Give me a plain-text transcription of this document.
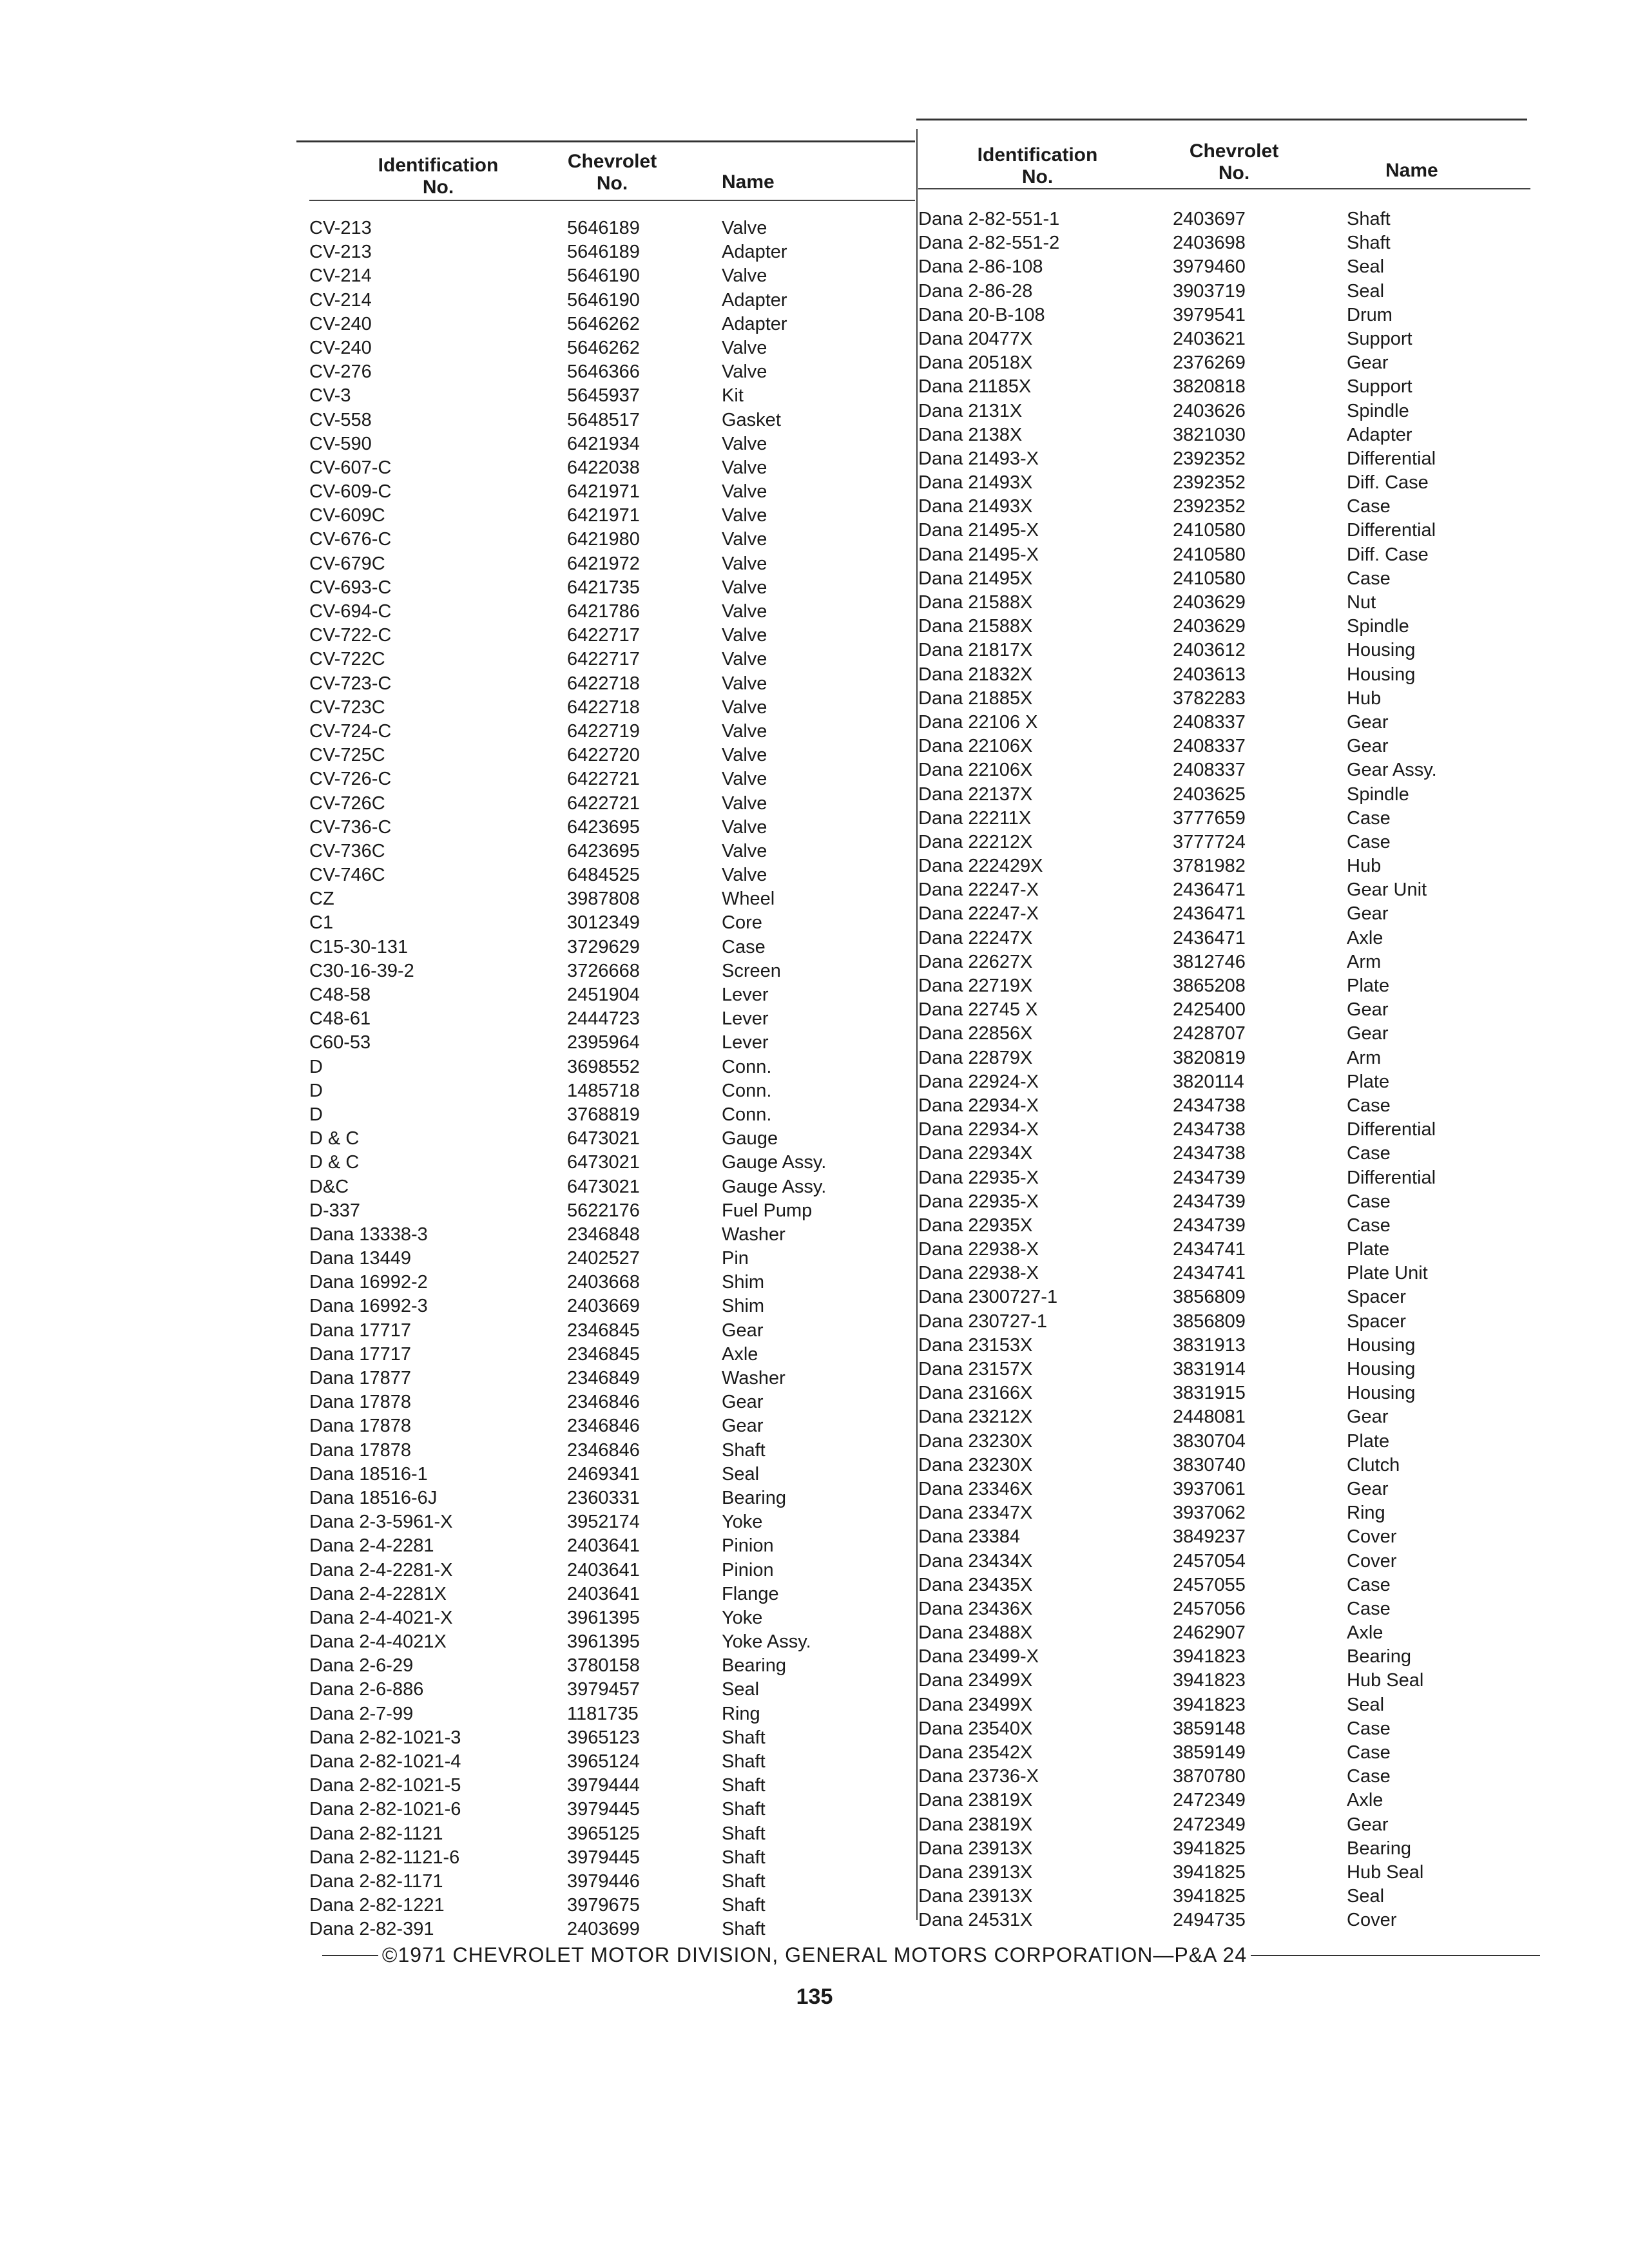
Identification
No.
Chevrolet
No.	Name
CV-213	5646189	Valve
CV-213	5646189	Adapter
CV-214	5646190	Valve
CV-214	5646190	Adapter
CV-240	5646262	Adapter
CV-240	5646262	Valve
CV-276	5646366	Valve
CV-3	5645937	Kit
CV-558	5648517	Gasket
CV-590	6421934	Valve
CV-607-C	6422038	Valve
CV-609-C	6421971	Valve
CV-609C	6421971	Valve
CV-676-C	6421980	Valve
CV-679C	6421972	Valve
CV-693-C	6421735	Valve
CV-694-C	6421786	Valve
CV-722-C	6422717	Valve
CV-722C	6422717	Valve
CV-723-C	6422718	Valve
CV-723C	6422718	Valve
CV-724-C	6422719	Valve
CV-725C	6422720	Valve
CV-726-C	6422721	Valve
CV-726C	6422721	Valve
CV-736-C	6423695	Valve
CV-736C	6423695	Valve
CV-746C	6484525	Valve
CZ	3987808	Wheel
C1	3012349	Core
C15-30-131	3729629	Case
C30-16-39-2	3726668	Screen
C48-58	2451904	Lever
C48-61	2444723	Lever
C60-53	2395964	Lever
D	3698552	Conn.
D	1485718	Conn.
D	3768819	Conn.
D & C	6473021	Gauge
D & C	6473021	Gauge Assy.
D&C	6473021	Gauge Assy.
D-337	5622176	Fuel Pump
Dana 13338-3	2346848	Washer
Dana 13449	2402527	Pin
Dana 16992-2	2403668	Shim
Dana 16992-3	2403669	Shim
Dana 17717	2346845	Gear
Dana 17717	2346845	Axle
Dana 17877	2346849	Washer
Dana 17878	2346846	Gear
Dana 17878	2346846	Gear
Dana 17878	2346846	Shaft
Dana 18516-1	2469341	Seal
Dana 18516-6J	2360331	Bearing
Dana 2-3-5961-X	3952174	Yoke
Dana 2-4-2281	2403641	Pinion
Dana 2-4-2281-X	2403641	Pinion
Dana 2-4-2281X	2403641	Flange
Dana 2-4-4021-X	3961395	Yoke
Dana 2-4-4021X	3961395	Yoke Assy.
Dana 2-6-29	3780158	Bearing
Dana 2-6-886	3979457	Seal
Dana 2-7-99	1181735	Ring
Dana 2-82-1021-3	3965123	Shaft
Dana 2-82-1021-4	3965124	Shaft
Dana 2-82-1021-5	3979444	Shaft
Dana 2-82-1021-6	3979445	Shaft
Dana 2-82-1121	3965125	Shaft
Dana 2-82-1121-6	3979445	Shaft
Dana 2-82-1171	3979446	Shaft
Dana 2-82-1221	3979675	Shaft
Dana 2-82-391	2403699	Shaft
Identification
No.
Chevrolet
No.	Name
Dana 2-82-551-1	2403697	Shaft
Dana 2-82-551-2	2403698	Shaft
Dana 2-86-108	3979460	Seal
Dana 2-86-28	3903719	Seal
Dana 20-B-108	3979541	Drum
Dana 20477X	2403621	Support
Dana 20518X	2376269	Gear
Dana 21185X	3820818	Support
Dana 2131X	2403626	Spindle
Dana 2138X	3821030	Adapter
Dana 21493-X	2392352	Differential
Dana 21493X	2392352	Diff. Case
Dana 21493X	2392352	Case
Dana 21495-X	2410580	Differential
Dana 21495-X	2410580	Diff. Case
Dana 21495X	2410580	Case
Dana 21588X	2403629	Nut
Dana 21588X	2403629	Spindle
Dana 21817X	2403612	Housing
Dana 21832X	2403613	Housing
Dana 21885X	3782283	Hub
Dana 22106 X	2408337	Gear
Dana 22106X	2408337	Gear
Dana 22106X	2408337	Gear Assy.
Dana 22137X	2403625	Spindle
Dana 22211X	3777659	Case
Dana 22212X	3777724	Case
Dana 222429X	3781982	Hub
Dana 22247-X	2436471	Gear Unit
Dana 22247-X	2436471	Gear
Dana 22247X	2436471	Axle
Dana 22627X	3812746	Arm
Dana 22719X	3865208	Plate
Dana 22745 X	2425400	Gear
Dana 22856X	2428707	Gear
Dana 22879X	3820819	Arm
Dana 22924-X	3820114	Plate
Dana 22934-X	2434738	Case
Dana 22934-X	2434738	Differential
Dana 22934X	2434738	Case
Dana 22935-X	2434739	Differential
Dana 22935-X	2434739	Case
Dana 22935X	2434739	Case
Dana 22938-X	2434741	Plate
Dana 22938-X	2434741	Plate Unit
Dana 2300727-1	3856809	Spacer
Dana 230727-1	3856809	Spacer
Dana 23153X	3831913	Housing
Dana 23157X	3831914	Housing
Dana 23166X	3831915	Housing
Dana 23212X	2448081	Gear
Dana 23230X	3830704	Plate
Dana 23230X	3830740	Clutch
Dana 23346X	3937061	Gear
Dana 23347X	3937062	Ring
Dana 23384	3849237	Cover
Dana 23434X	2457054	Cover
Dana 23435X	2457055	Case
Dana 23436X	2457056	Case
Dana 23488X	2462907	Axle
Dana 23499-X	3941823	Bearing
Dana 23499X	3941823	Hub Seal
Dana 23499X	3941823	Seal
Dana 23540X	3859148	Case
Dana 23542X	3859149	Case
Dana 23736-X	3870780	Case
Dana 23819X	2472349	Axle
Dana 23819X	2472349	Gear
Dana 23913X	3941825	Bearing
Dana 23913X	3941825	Hub Seal
Dana 23913X	3941825	Seal
Dana 24531X	2494735	Cover
©1971 CHEVROLET MOTOR DIVISION, GENERAL MOTORS CORPORATION—P&A 24
135
